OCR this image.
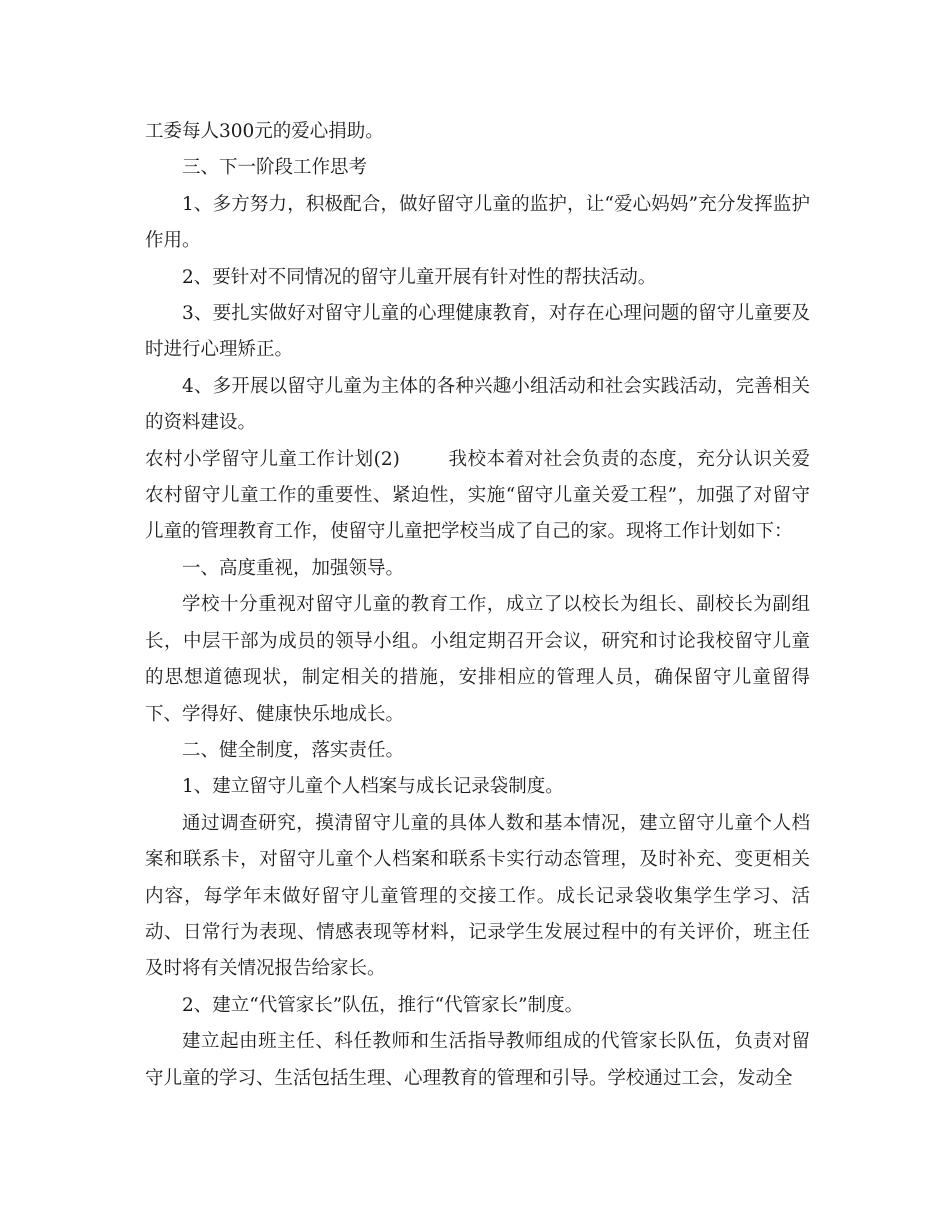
工委每人300元的爱心捐助。

三、下一阶段工作思考

1、多方努力，积极配合，做好留守儿童的监护，让“爱心妈妈”充分发挥监护作用。

2、要针对不同情况的留守儿童开展有针对性的帮扶活动。

3、要扎实做好对留守儿童的心理健康教育，对存在心理问题的留守儿童要及时进行心理矫正。

4、多开展以留守儿童为主体的各种兴趣小组活动和社会实践活动，完善相关的资料建设。

农村小学留守儿童工作计划(2)	我校本着对社会负责的态度，充分认识关爱农村留守儿童工作的重要性、紧迫性，实施“留守儿童关爱工程”，加强了对留守儿童的管理教育工作，使留守儿童把学校当成了自己的家。现将工作计划如下：

一、高度重视，加强领导。

学校十分重视对留守儿童的教育工作，成立了以校长为组长、副校长为副组长，中层干部为成员的领导小组。小组定期召开会议，研究和讨论我校留守儿童的思想道德现状，制定相关的措施，安排相应的管理人员，确保留守儿童留得下、学得好、健康快乐地成长。

二、健全制度，落实责任。

1、建立留守儿童个人档案与成长记录袋制度。

通过调查研究，摸清留守儿童的具体人数和基本情况，建立留守儿童个人档案和联系卡，对留守儿童个人档案和联系卡实行动态管理，及时补充、变更相关内容，每学年末做好留守儿童管理的交接工作。成长记录袋收集学生学习、活动、日常行为表现、情感表现等材料，记录学生发展过程中的有关评价，班主任及时将有关情况报告给家长。

2、建立“代管家长”队伍，推行“代管家长”制度。

建立起由班主任、科任教师和生活指导教师组成的代管家长队伍，负责对留守儿童的学习、生活包括生理、心理教育的管理和引导。学校通过工会，发动全
